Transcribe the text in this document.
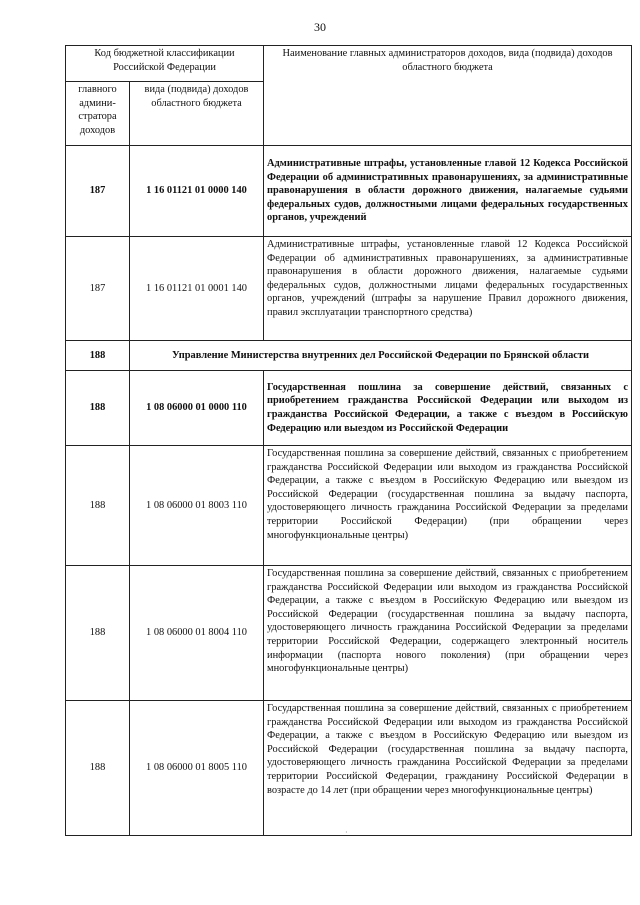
30
Код бюджетной классификации Российской Федерации		Наименование главных администраторов доходов, вида (подвида) доходов областного бюджета
главного админи-стратора доходов	вида (подвида) доходов областного бюджета	
187	1 16 01121 01 0000 140	Административные штрафы, установленные главой 12 Кодекса Российской Федерации об административных правонарушениях, за административные правонарушения в области дорожного движения, налагаемые судьями федеральных судов, должностными лицами федеральных государственных органов, учреждений
187	1 16 01121 01 0001 140	Административные штрафы, установленные главой 12 Кодекса Российской Федерации об административных правонарушениях, за административные правонарушения в области дорожного движения, налагаемые судьями федеральных судов, должностными лицами федеральных государственных органов, учреждений (штрафы за нарушение Правил дорожного движения, правил эксплуатации транспортного средства)
188	Управление Министерства внутренних дел Российской Федерации по Брянской области	
188	1 08 06000 01 0000 110	Государственная пошлина за совершение действий, связанных с приобретением гражданства Российской Федерации или выходом из гражданства Российской Федерации, а также с въездом в Российскую Федерацию или выездом из Российской Федерации
188	1 08 06000 01 8003 110	Государственная пошлина за совершение действий, связанных с приобретением гражданства Российской Федерации или выходом из гражданства Российской Федерации, а также с въездом в Российскую Федерацию или выездом из Российской Федерации (государственная пошлина за выдачу паспорта, удостоверяющего личность гражданина Российской Федерации за пределами территории Российской Федерации) (при обращении через многофункциональные центры)
188	1 08 06000 01 8004 110	Государственная пошлина за совершение действий, связанных с приобретением гражданства Российской Федерации или выходом из гражданства Российской Федерации, а также с въездом в Российскую Федерацию или выездом из Российской Федерации (государственная пошлина за выдачу паспорта, удостоверяющего личность гражданина Российской Федерации за пределами территории Российской Федерации, содержащего электронный носитель информации (паспорта нового поколения) (при обращении через многофункциональные центры)
188	1 08 06000 01 8005 110	Государственная пошлина за совершение действий, связанных с приобретением гражданства Российской Федерации или выходом из гражданства Российской Федерации, а также с въездом в Российскую Федерацию или выездом из Российской Федерации (государственная пошлина за выдачу паспорта, удостоверяющего личность гражданина Российской Федерации за пределами территории Российской Федерации, гражданину Российской Федерации в возрасте до 14 лет (при обращении через многофункциональные центры)
·
